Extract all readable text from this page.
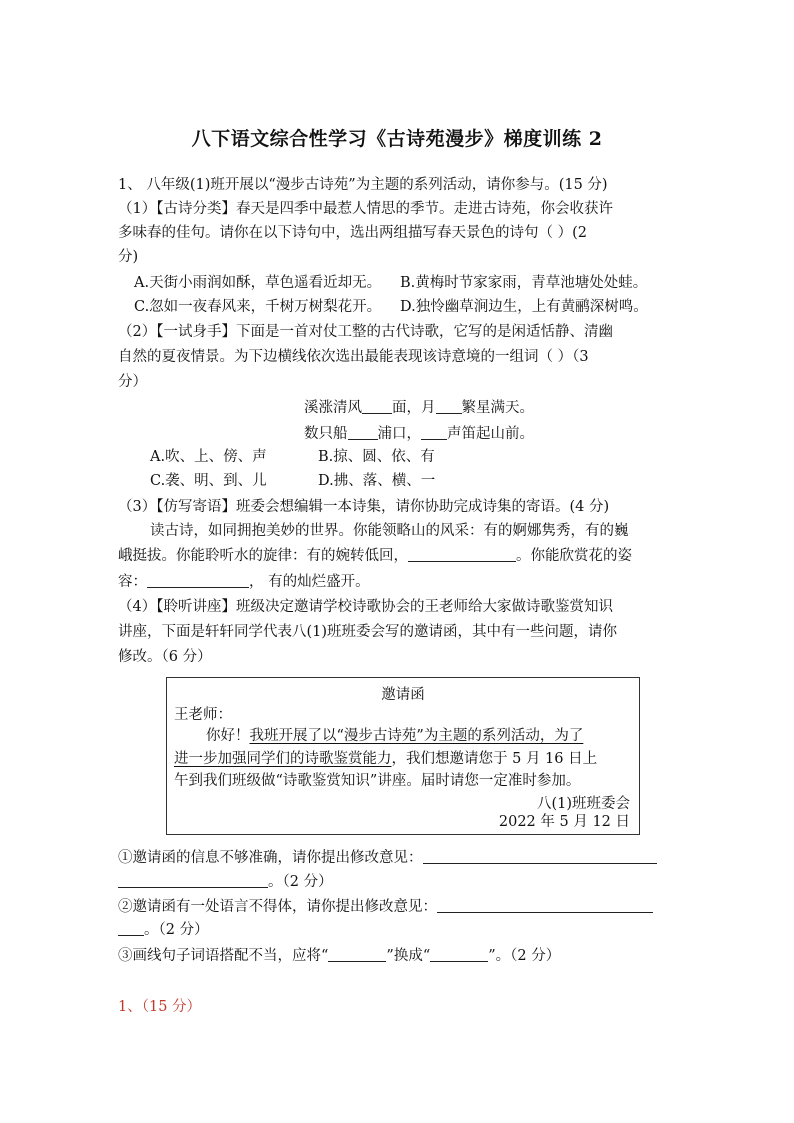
八下语文综合性学习《古诗苑漫步》梯度训练 2
1、 八年级(1)班开展以“漫步古诗苑”为主题的系列活动，请你参与。(15 分)
（1）【古诗分类】春天是四季中最惹人情思的季节。走进古诗苑，你会收获许
多味春的佳句。请你在以下诗句中，选出两组描写春天景色的诗句（ ）(2
分)
A.天街小雨润如酥，草色遥看近却无。 B.黄梅时节家家雨，青草池塘处处蛙。
C.忽如一夜春风来，千树万树梨花开。 D.独怜幽草涧边生，上有黄鹂深树鸣。
（2）【一试身手】下面是一首对仗工整的古代诗歌，它写的是闲适恬静、清幽
自然的夏夜情景。为下边横线依次选出最能表现该诗意境的一组词（ ）（3
分）
溪涨清风 面，月 繁星满天。
数只船 浦口， 声笛起山前。
A.吹、上、傍、声	B.掠、圆、依、有
C.袭、明、到、儿	D.拂、落、横、一
（3）【仿写寄语】班委会想编辑一本诗集，请你协助完成诗集的寄语。(4 分)
读古诗，如同拥抱美妙的世界。你能领略山的风采：有的婀娜隽秀，有的巍
峨挺拔。你能聆听水的旋律：有的婉转低回，	。你能欣赏花的姿
容：	， 有的灿烂盛开。
（4）【聆听讲座】班级决定邀请学校诗歌协会的王老师给大家做诗歌鉴赏知识
讲座，下面是轩轩同学代表八(1)班班委会写的邀请函，其中有一些问题，请你
修改。（6 分）
邀请函
王老师：
你好！我班开展了以“漫步古诗苑”为主题的系列活动，为了
进一步加强同学们的诗歌鉴赏能力，我们想邀请您于 5 月 16 日上
午到我们班级做“诗歌鉴赏知识”讲座。届时请您一定准时参加。
八(1)班班委会
2022 年 5 月 12 日
①邀请函的信息不够准确，请你提出修改意见：
。（2 分）
②邀请函有一处语言不得体，请你提出修改意见：
。（2 分）
③画线句子词语搭配不当，应将“	”换成“	”。（2 分）
1、（15 分）
